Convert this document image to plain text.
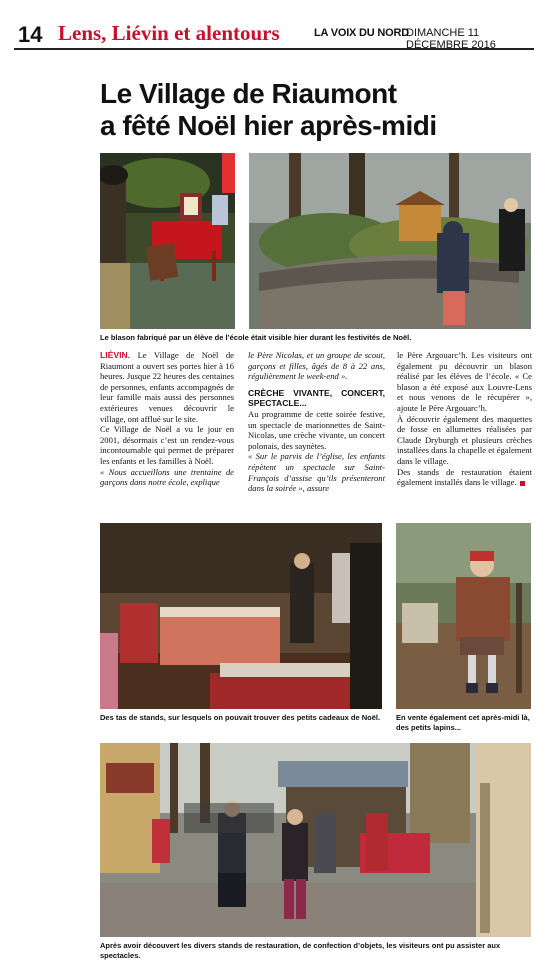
14 Lens, Liévin et alentours	LA VOIX DU NORD
DIMANCHE 11 DÉCEMBRE 2016
Le Village de Riaumont
a fêté Noël hier après-midi
Le blason fabriqué par un élève de l’école était visible hier durant les festivités de Noël.

LIÉVIN. Le Village de Noël de Riaumont a ouvert ses portes hier à 16 heures. Jusque 22 heures des centaines de personnes, enfants accompagnés de leur famille mais aussi des personnes extérieures venues découvrir le village, ont afflué sur le site.

Ce Village de Noël a vu le jour en 2001, désormais c’est un rendez-vous incontournable qui permet de préparer les enfants et les familles à Noël.

« Nous accueillons une trentaine de garçons dans notre école, explique

le Père Nicolas, et un groupe de scout, garçons et filles, âgés de 8 à 22 ans, régulièrement le week-end ».

CRÈCHE VIVANTE, CONCERT, SPECTACLE...

Au programme de cette soirée festive, un spectacle de marionnettes de Saint-Nicolas, une crèche vivante, un concert polonais, des saynètes.

« Sur le parvis de l’église, les enfants répètent un spectacle sur Saint-François d’assise qu’ils présenteront dans la soirée », assure

le Père Argouarc’h. Les visiteurs ont également pu découvrir un blason réalisé par les élèves de l’école. « Ce blason a été exposé aux Louvre-Lens et nous venons de le récupérer », ajoute le Père Argouarc’h.

À découvrir également des maquettes de fosse en allumettes réalisées par Claude Dryburgh et plusieurs crèches installées dans la chapelle et également dans le village.

Des stands de restauration étaient également installés dans le village.

Des tas de stands, sur lesquels on pouvait trouver des petits cadeaux de Noël. En vente également cet après-midi là, des petits lapins...
Après avoir découvert les divers stands de restauration, de confection d’objets, les visiteurs ont pu assister aux spectacles.
